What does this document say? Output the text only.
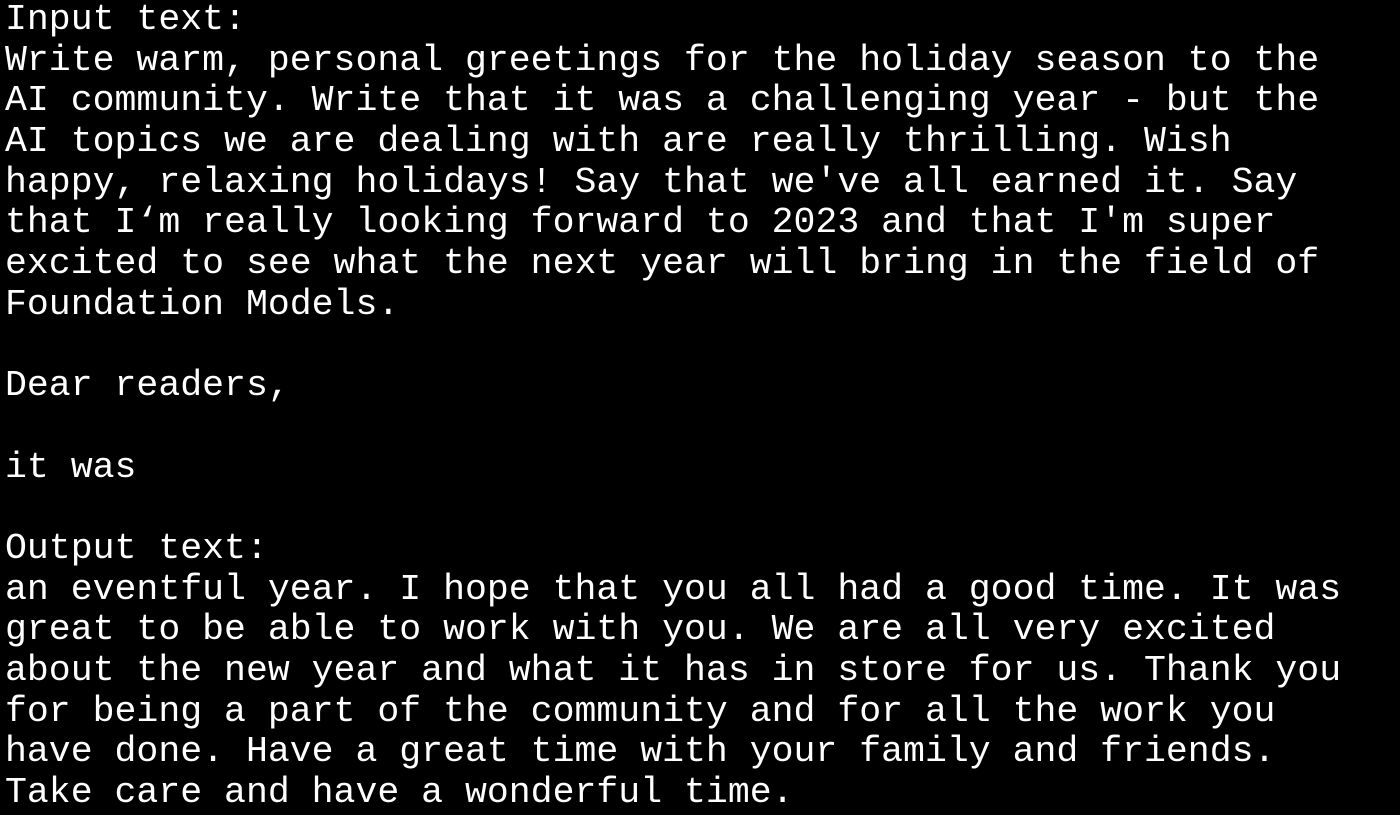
Input text:
Write warm, personal greetings for the holiday season to the
AI community. Write that it was a challenging year - but the
AI topics we are dealing with are really thrilling. Wish
happy, relaxing holidays! Say that we've all earned it. Say
that I‘m really looking forward to 2023 and that I'm super
excited to see what the next year will bring in the field of
Foundation Models.
Dear readers,
it was
Output text:
an eventful year. I hope that you all had a good time. It was
great to be able to work with you. We are all very excited
about the new year and what it has in store for us. Thank you
for being a part of the community and for all the work you
have done. Have a great time with your family and friends.
Take care and have a wonderful time.
